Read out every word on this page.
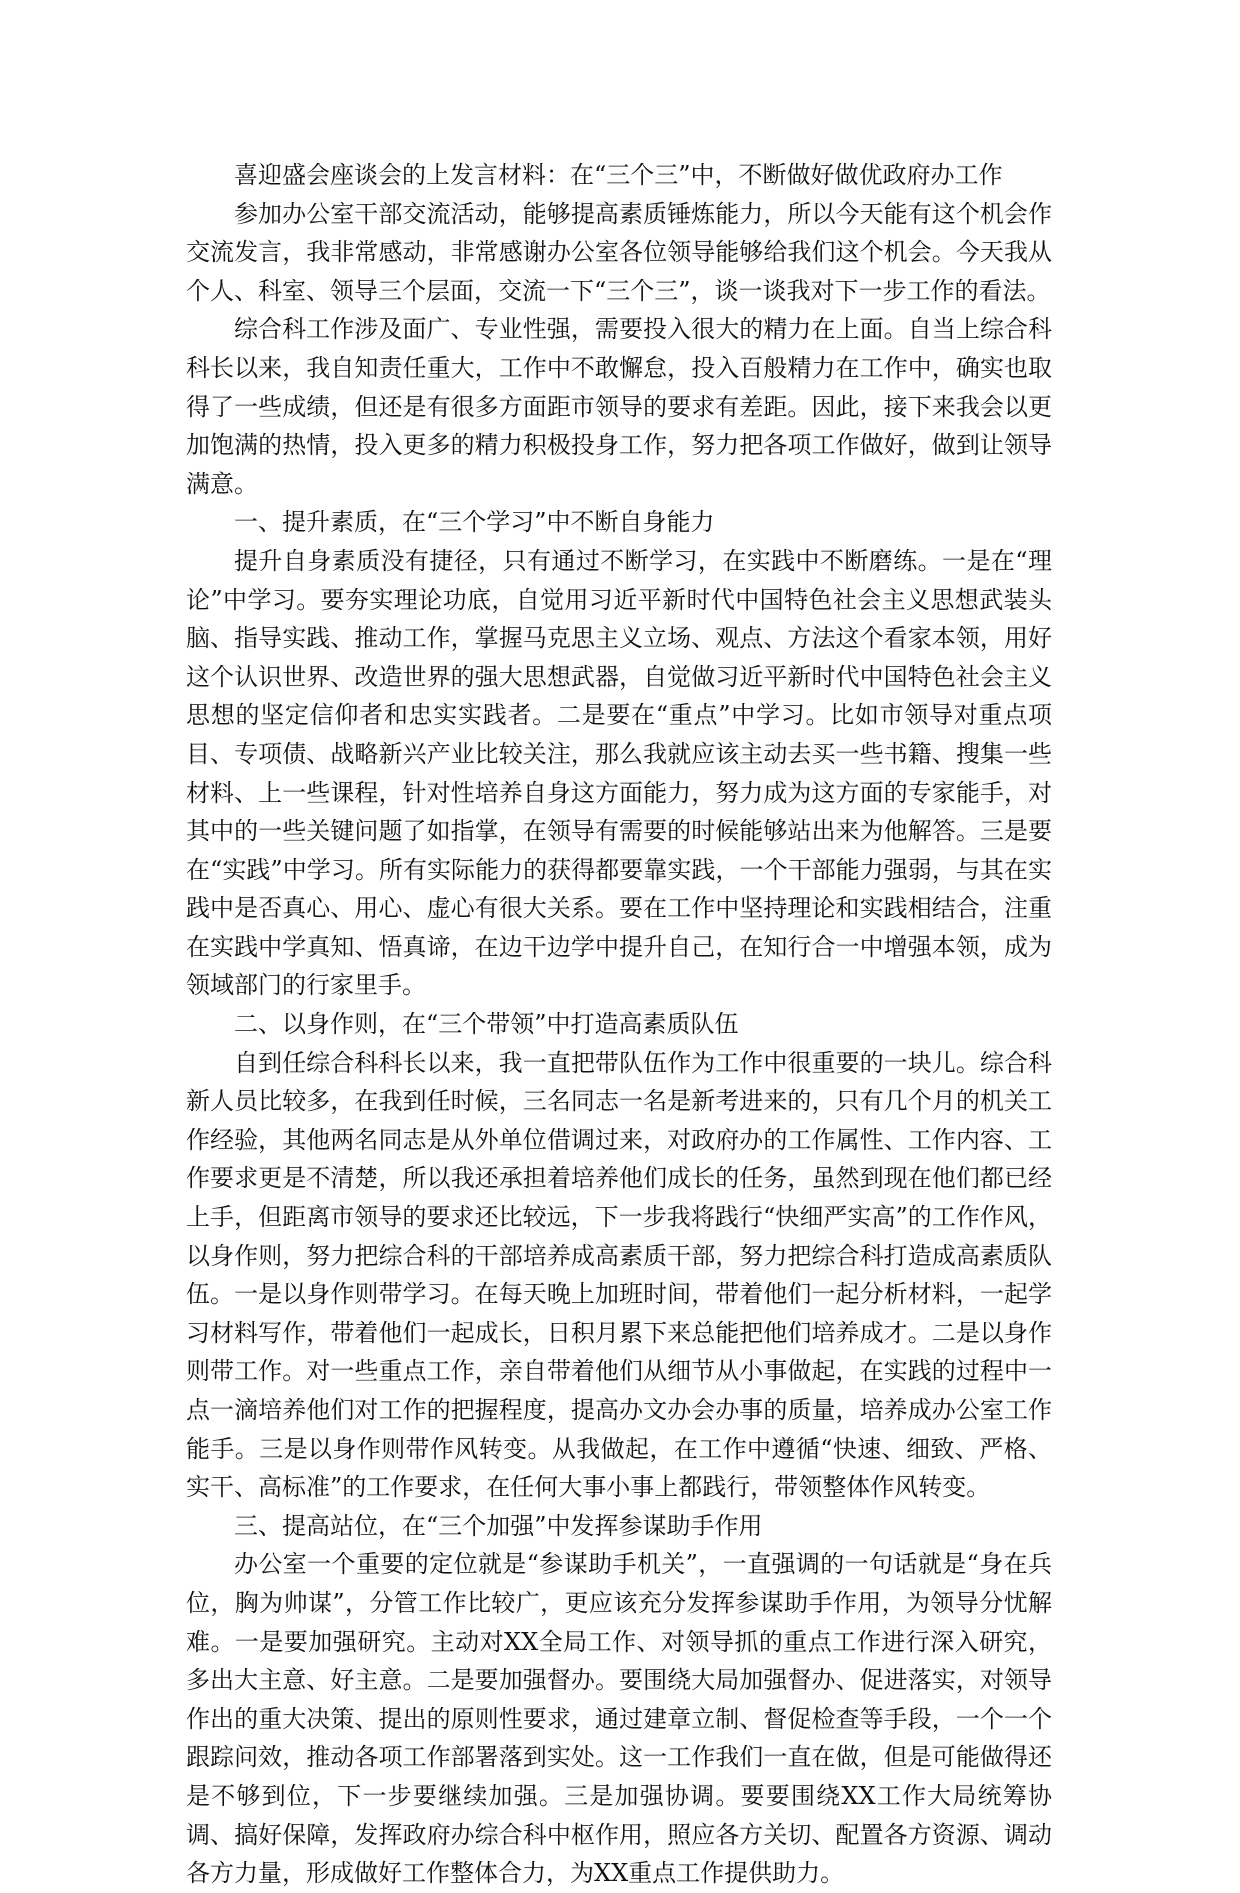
喜迎盛会座谈会的上发言材料：在“三个三”中，不断做好做优政府办工作

参加办公室干部交流活动，能够提高素质锤炼能力，所以今天能有这个机会作交流发言，我非常感动，非常感谢办公室各位领导能够给我们这个机会。今天我从个人、科室、领导三个层面，交流一下“三个三”，谈一谈我对下一步工作的看法。

综合科工作涉及面广、专业性强，需要投入很大的精力在上面。自当上综合科科长以来，我自知责任重大，工作中不敢懈怠，投入百般精力在工作中，确实也取得了一些成绩，但还是有很多方面距市领导的要求有差距。因此，接下来我会以更加饱满的热情，投入更多的精力积极投身工作，努力把各项工作做好，做到让领导满意。

一、提升素质，在“三个学习”中不断自身能力

提升自身素质没有捷径，只有通过不断学习，在实践中不断磨练。一是在“理论”中学习。要夯实理论功底，自觉用习近平新时代中国特色社会主义思想武装头脑、指导实践、推动工作，掌握马克思主义立场、观点、方法这个看家本领，用好这个认识世界、改造世界的强大思想武器，自觉做习近平新时代中国特色社会主义思想的坚定信仰者和忠实实践者。二是要在“重点”中学习。比如市领导对重点项目、专项债、战略新兴产业比较关注，那么我就应该主动去买一些书籍、搜集一些材料、上一些课程，针对性培养自身这方面能力，努力成为这方面的专家能手，对其中的一些关键问题了如指掌，在领导有需要的时候能够站出来为他解答。三是要在“实践”中学习。所有实际能力的获得都要靠实践，一个干部能力强弱，与其在实践中是否真心、用心、虚心有很大关系。要在工作中坚持理论和实践相结合，注重在实践中学真知、悟真谛，在边干边学中提升自己，在知行合一中增强本领，成为领域部门的行家里手。

二、以身作则，在“三个带领”中打造高素质队伍

自到任综合科科长以来，我一直把带队伍作为工作中很重要的一块儿。综合科新人员比较多，在我到任时候，三名同志一名是新考进来的，只有几个月的机关工作经验，其他两名同志是从外单位借调过来，对政府办的工作属性、工作内容、工作要求更是不清楚，所以我还承担着培养他们成长的任务，虽然到现在他们都已经上手，但距离市领导的要求还比较远，下一步我将践行“快细严实高”的工作作风，以身作则，努力把综合科的干部培养成高素质干部，努力把综合科打造成高素质队伍。一是以身作则带学习。在每天晚上加班时间，带着他们一起分析材料，一起学习材料写作，带着他们一起成长，日积月累下来总能把他们培养成才。二是以身作则带工作。对一些重点工作，亲自带着他们从细节从小事做起，在实践的过程中一点一滴培养他们对工作的把握程度，提高办文办会办事的质量，培养成办公室工作能手。三是以身作则带作风转变。从我做起，在工作中遵循“快速、细致、严格、实干、高标准”的工作要求，在任何大事小事上都践行，带领整体作风转变。

三、提高站位，在“三个加强”中发挥参谋助手作用

办公室一个重要的定位就是“参谋助手机关”，一直强调的一句话就是“身在兵位，胸为帅谋”，分管工作比较广，更应该充分发挥参谋助手作用，为领导分忧解难。一是要加强研究。主动对XX全局工作、对领导抓的重点工作进行深入研究，多出大主意、好主意。二是要加强督办。要围绕大局加强督办、促进落实，对领导作出的重大决策、提出的原则性要求，通过建章立制、督促检查等手段，一个一个跟踪问效，推动各项工作部署落到实处。这一工作我们一直在做，但是可能做得还是不够到位，下一步要继续加强。三是加强协调。要要围绕XX工作大局统筹协调、搞好保障，发挥政府办综合科中枢作用，照应各方关切、配置各方资源、调动各方力量，形成做好工作整体合力，为XX重点工作提供助力。
